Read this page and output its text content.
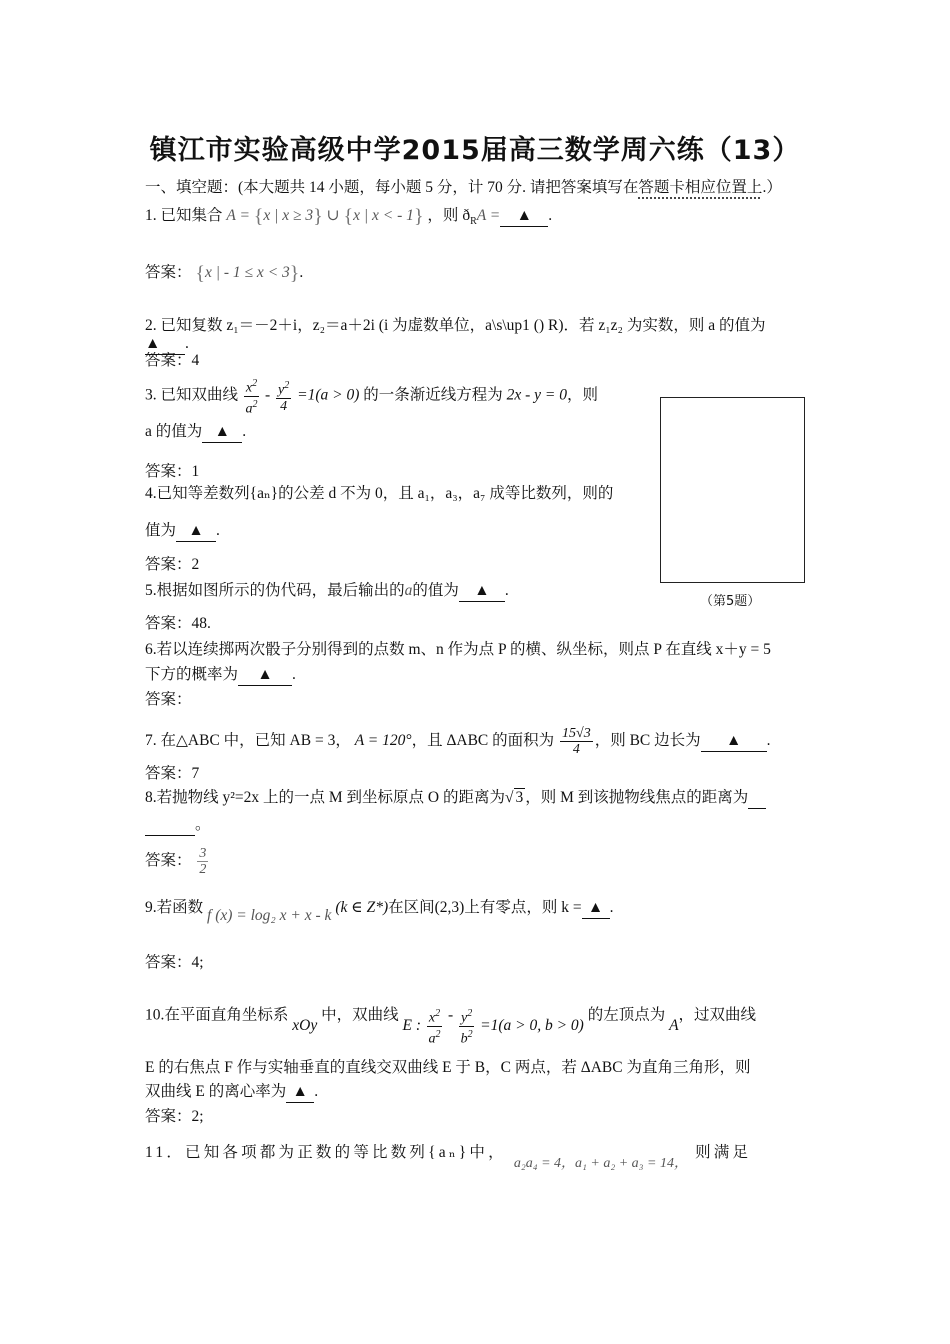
镇江市实验高级中学2015届高三数学周六练（13）
一、填空题：(本大题共 14 小题，每小题 5 分，计 70 分. 请把答案填写在答题卡相应位置上.）
1. 已知集合 A = {x | x ≥ 3} ∪ {x | x < - 1} ，则 $ð_RA$ = ▲ .
答案： {x | - 1 ≤ x < 3}.
2. 已知复数 z₁＝－2＋i，z₂＝a＋2i (i 为虚数单位，a\s\up1 () R)．若 z₁z₂ 为实数，则 a 的值为
▲ .
答案：4
3. 已知双曲线 $\frac{x^2}{a^2} - \frac{y^2}{4} =1(a > 0)$ 的一条渐近线方程为 2x - y = 0，则
a 的值为 ▲ .
答案：1
4.已知等差数列{aₙ}的公差 d 不为 0，且 a₁，a₃，a₇ 成等比数列，则的
值为 ▲ .
答案：2
（第5题）
5.根据如图所示的伪代码，最后输出的a的值为 ▲ .
答案：48.
6.若以连续掷两次骰子分别得到的点数 m、n 作为点 P 的横、纵坐标，则点 P 在直线 x＋y = 5
下方的概率为 ▲ .
答案：
7. 在△ABC 中，已知 AB = 3， A = 120°，且 ΔABC 的面积为 $\frac{15√3}{4}$ ，则 BC 边长为 ▲ .
答案：7
8.若抛物线 y²=2x 上的一点 M 到坐标原点 O 的距离为√ 3 ，则 M 到该抛物线焦点的距离为
。
答案： $\frac{3}{2}$
9.若函数 f (x) = log₂ x + x - k (k ∈ Z*)在区间(2,3)上有零点，则 k = ▲ .
答案：4;
10.在平面直角坐标系 xOy 中，双曲线 E : $\frac{x^2}{a^2} - \frac{y^2}{b^2} =1(a > 0$, b > 0) 的左顶点为 A，过双曲线
E 的右焦点 F 作与实轴垂直的直线交双曲线 E 于 B，C 两点，若 ΔABC 为直角三角形，则
双曲线 E 的离心率为 ▲ .
答案：2;
11．已知各项都为正数的等比数列{aₙ}中， a₂a₄ = 4，a₁ + a₂ + a₃ = 14， 则满足
